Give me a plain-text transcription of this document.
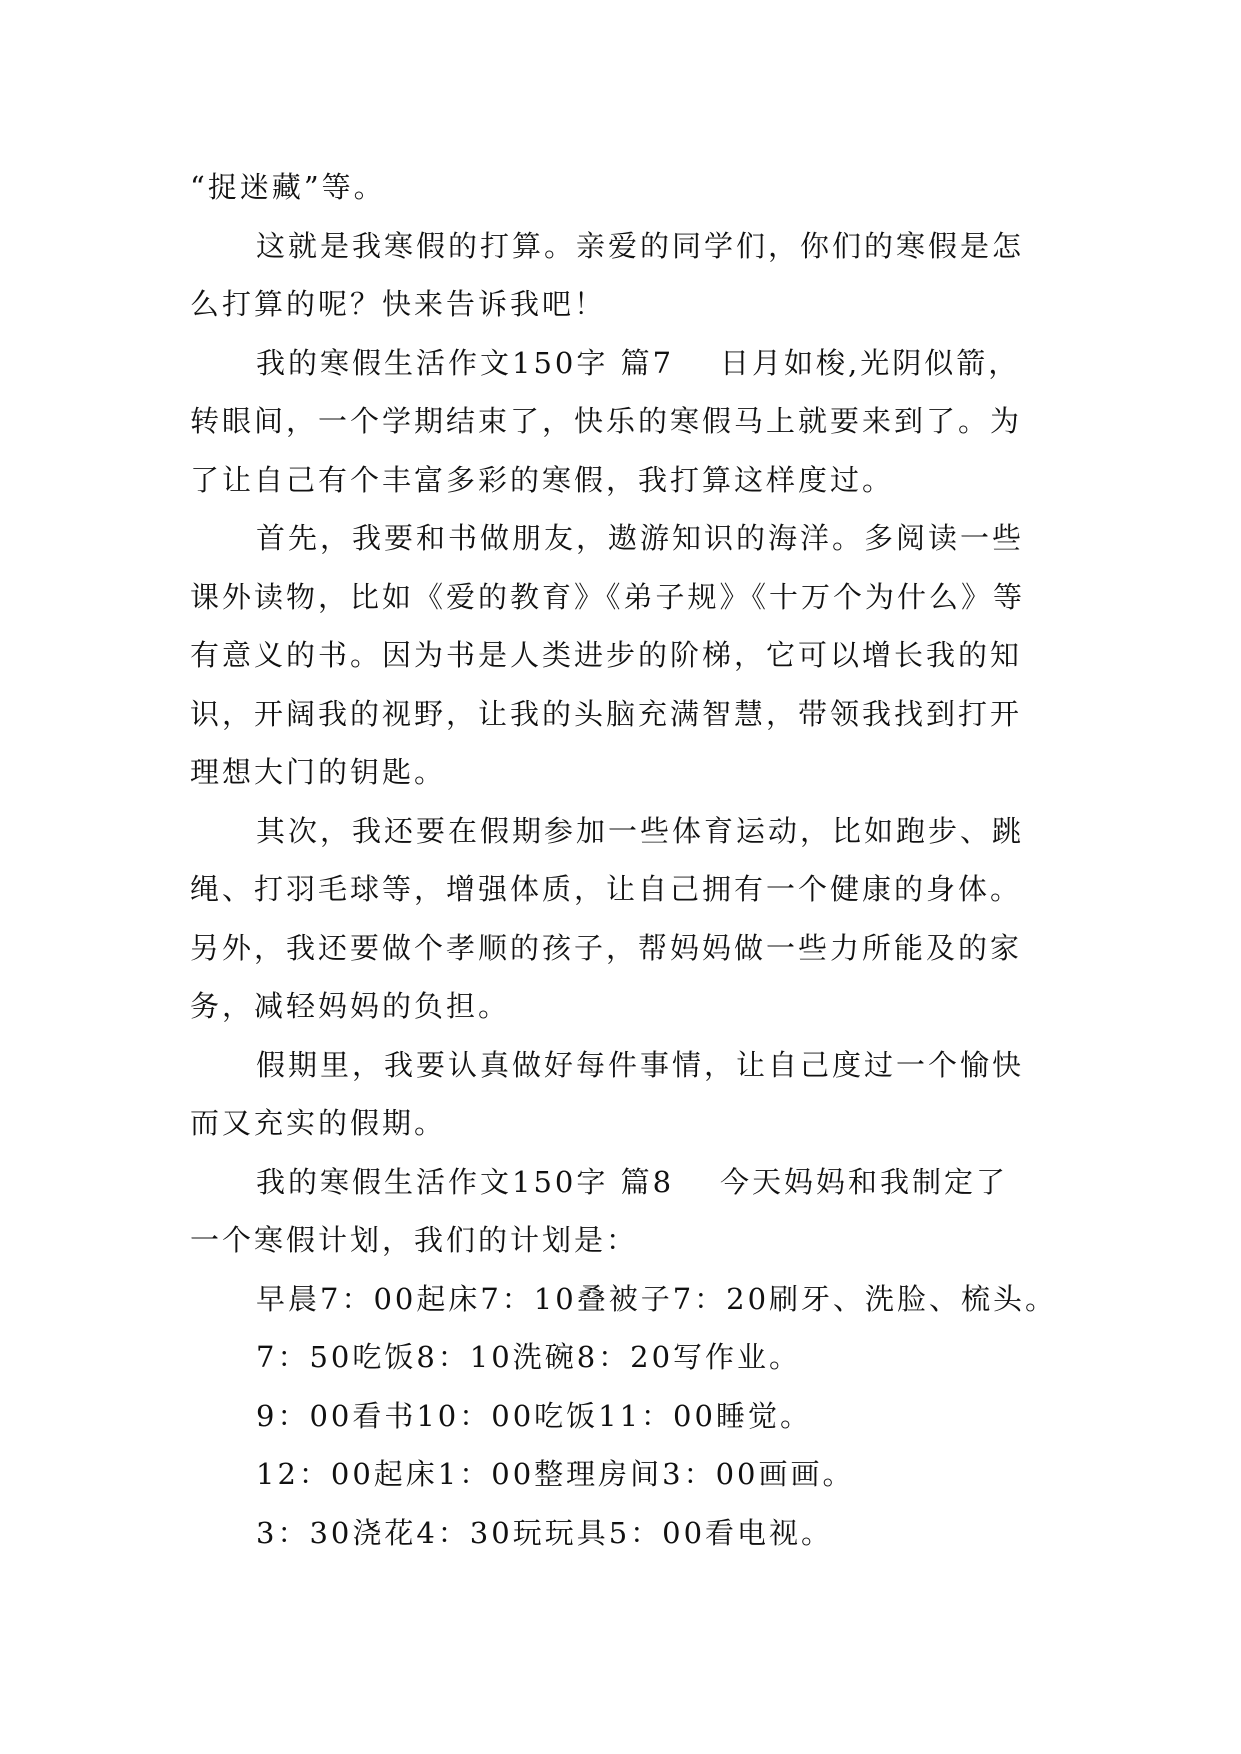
“捉迷藏”等。
这就是我寒假的打算。亲爱的同学们，你们的寒假是怎
么打算的呢？快来告诉我吧！
我的寒假生活作文150字 篇7 日月如梭,光阴似箭，
转眼间，一个学期结束了，快乐的寒假马上就要来到了。为
了让自己有个丰富多彩的寒假，我打算这样度过。
首先，我要和书做朋友，遨游知识的海洋。多阅读一些
课外读物，比如《爱的教育》《弟子规》《十万个为什么》等
有意义的书。因为书是人类进步的阶梯，它可以增长我的知
识，开阔我的视野，让我的头脑充满智慧，带领我找到打开
理想大门的钥匙。
其次，我还要在假期参加一些体育运动，比如跑步、跳
绳、打羽毛球等，增强体质，让自己拥有一个健康的身体。
另外，我还要做个孝顺的孩子，帮妈妈做一些力所能及的家
务，减轻妈妈的负担。
假期里，我要认真做好每件事情，让自己度过一个愉快
而又充实的假期。
我的寒假生活作文150字 篇8 今天妈妈和我制定了
一个寒假计划，我们的计划是：
早晨7：00起床7：10叠被子7：20刷牙、洗脸、梳头。
7：50吃饭8：10洗碗8：20写作业。
9：00看书10：00吃饭11：00睡觉。
12：00起床1：00整理房间3：00画画。
3：30浇花4：30玩玩具5：00看电视。
